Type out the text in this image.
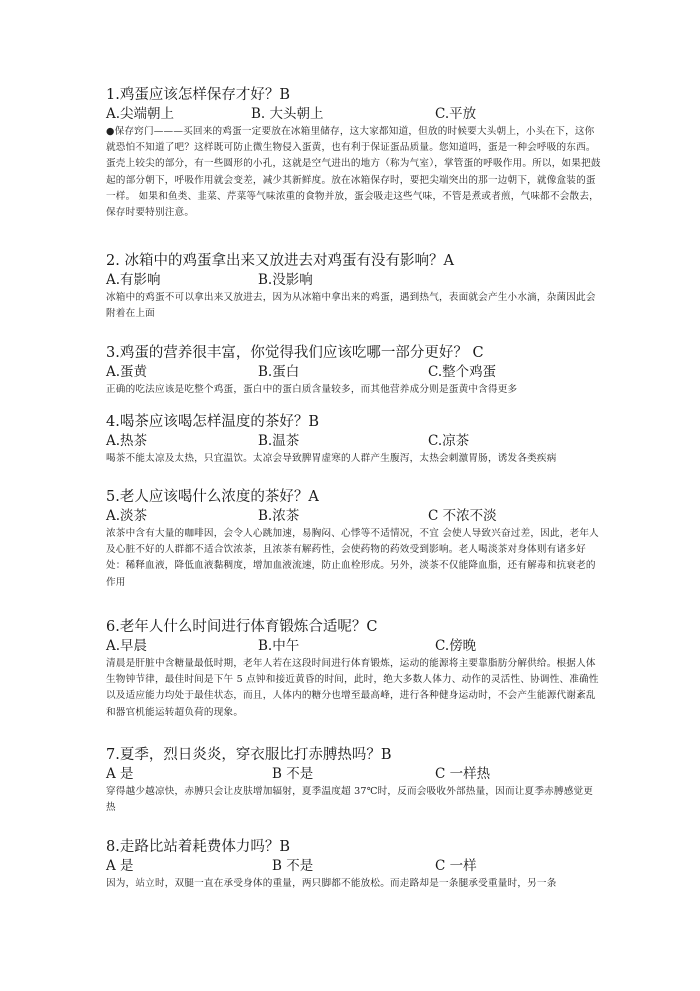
1.鸡蛋应该怎样保存才好？B

A.尖端朝上	B. 大头朝上	C.平放

●保存窍门———买回来的鸡蛋一定要放在冰箱里储存，这大家都知道，但放的时候要大头朝上，小头在下，这你就恐怕不知道了吧？这样既可防止微生物侵入蛋黄，也有利于保证蛋品质量。您知道吗，蛋是一种会呼吸的东西。蛋壳上较尖的部分，有一些圆形的小孔，这就是空气进出的地方（称为气室），掌管蛋的呼吸作用。所以，如果把鼓起的部分朝下，呼吸作用就会变差，减少其新鲜度。放在冰箱保存时，要把尖端突出的那一边朝下，就像盒装的蛋一样。 如果和鱼类、韭菜、芹菜等气味浓重的食物并放，蛋会吸走这些气味，不管是煮或者煎，气味都不会散去，保存时要特别注意。

2. 冰箱中的鸡蛋拿出来又放进去对鸡蛋有没有影响？A

A.有影响	B.没影响

冰箱中的鸡蛋不可以拿出来又放进去，因为从冰箱中拿出来的鸡蛋，遇到热气，表面就会产生小水滴，杂菌因此会附着在上面

3.鸡蛋的营养很丰富，你觉得我们应该吃哪一部分更好？ C

A.蛋黄	B.蛋白	C.整个鸡蛋

正确的吃法应该是吃整个鸡蛋，蛋白中的蛋白质含量较多，而其他营养成分则是蛋黄中含得更多

4.喝茶应该喝怎样温度的茶好？B

A.热茶	B.温茶	C.凉茶

喝茶不能太凉及太热，只宜温饮。太凉会导致脾胃虚寒的人群产生腹泻，太热会刺激胃肠，诱发各类疾病

5.老人应该喝什么浓度的茶好？A

A.淡茶	B.浓茶	C 不浓不淡

浓茶中含有大量的咖啡因，会令人心跳加速，易胸闷、心悸等不适情况，不宜 会使人导致兴奋过差，因此，老年人及心脏不好的人群都不适合饮浓茶，且浓茶有解药性，会使药物的药效受到影响。老人喝淡茶对身体则有诸多好处：稀释血液，降低血液黏稠度，增加血液流速，防止血栓形成。另外，淡茶不仅能降血脂，还有解毒和抗衰老的作用

6.老年人什么时间进行体育锻炼合适呢？C

A.早晨	B.中午	C.傍晚

清晨是肝脏中含糖量最低时期，老年人若在这段时间进行体育锻炼，运动的能源将主要靠脂肪分解供给。根据人体生物钟节律，最佳时间是下午 5 点钟和接近黄昏的时间，此时，绝大多数人体力、动作的灵活性、协调性、准确性以及适应能力均处于最佳状态，而且，人体内的糖分也增至最高峰，进行各种健身运动时，不会产生能源代谢紊乱和器官机能运转超负荷的现象。

7.夏季，烈日炎炎，穿衣服比打赤膊热吗？B

A 是	B 不是	C 一样热

穿得越少越凉快，赤膊只会让皮肤增加辐射，夏季温度超 37℃时，反而会吸收外部热量，因而让夏季赤膊感觉更热

8.走路比站着耗费体力吗？B

A 是	B 不是	C 一样

因为，站立时，双腿一直在承受身体的重量，两只脚都不能放松。而走路却是一条腿承受重量时，另一条
